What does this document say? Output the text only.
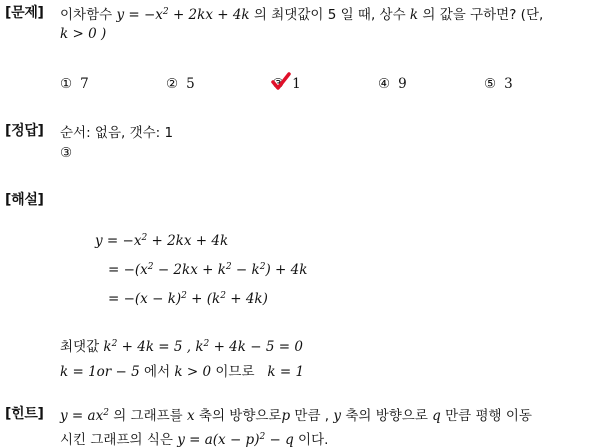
[문제] 이차함수 $y = -x^2 + 2kx + 4k$ 의 최댓값이 5 일 때, 상수 k 의 값을 구하면? (단,
k > 0 )
① 7	② 5	③ 1	④ 9	⑤ 3
[정답] 순서: 없음, 갯수: 1
③
[해설]
$y = -x^2 + 2kx + 4k$
= $-(x^2 - 2kx + k^2 - k^2) + 4k$
= $-(x - k)^2 + (k^2 + 4k)$
최댓값 $k^2 + 4k = 5$ , $k^2 + 4k - 5 = 0$
k = 1or − 5 에서 k > 0 이므로   k = 1
[힌트] $y = ax^2$ 의 그래프를 x 축의 방향으로p 만큼 , y 축의 방향으로 q 만큼 평행 이동
시킨 그래프의 식은 $y = a(x - p)^2 - q$ 이다.
